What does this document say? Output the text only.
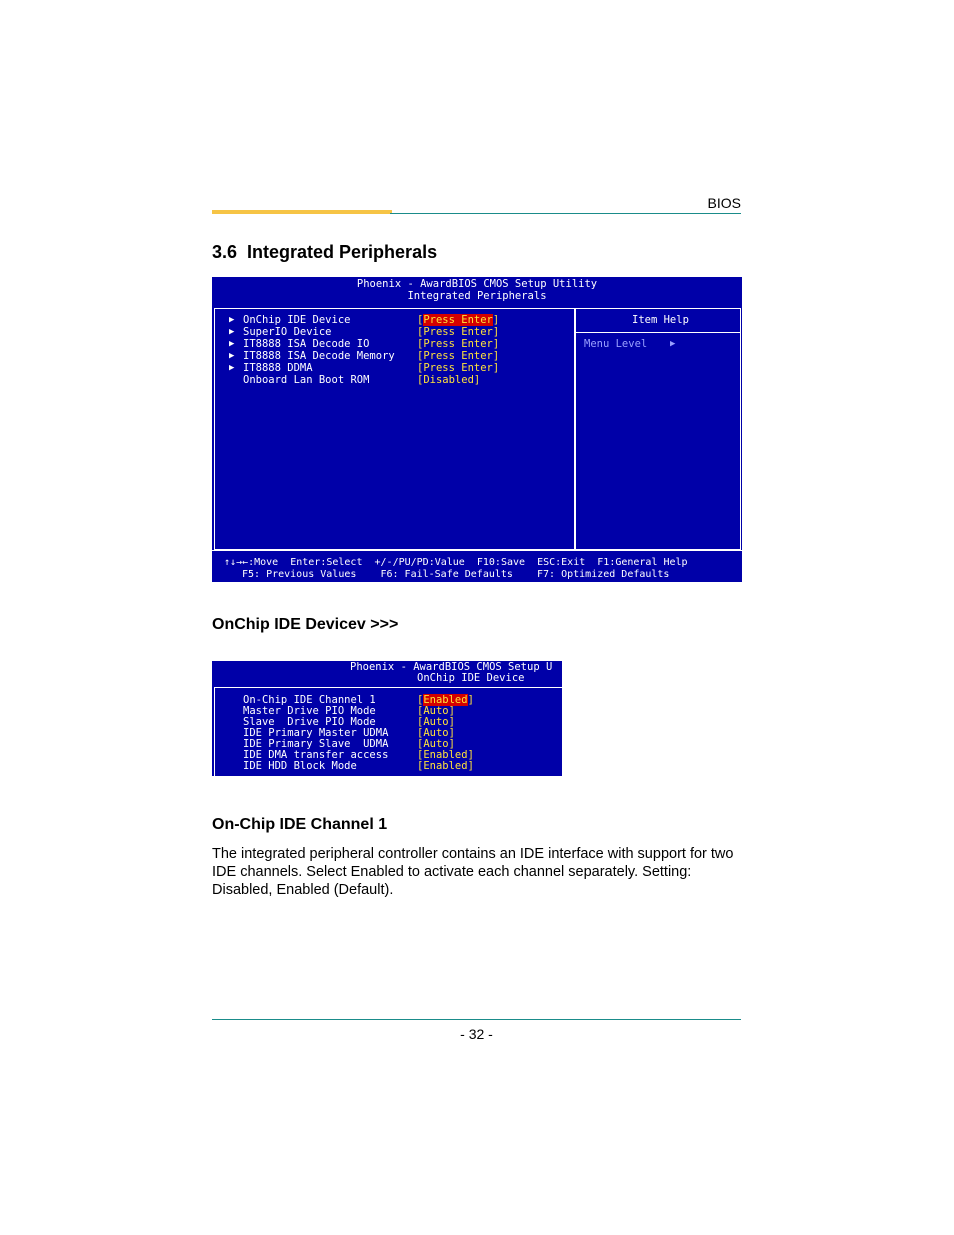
BIOS
3.6  Integrated Peripherals

Phoenix - AwardBIOS CMOS Setup Utility

Integrated Peripherals

▶ OnChip IDE Device	[Press Enter]
▶ SuperIO Device	[Press Enter]
▶ IT8888 ISA Decode IO	[Press Enter]
▶ IT8888 ISA Decode Memory [Press Enter]
▶ IT8888 DDMA	[Press Enter]
Onboard Lan Boot ROM	[Disabled]

Item Help

Menu Level

	▶

↑↓→←:Move  Enter:Select  +/-/PU/PD:Value  F10:Save  ESC:Exit  F1:General Help

F5: Previous Values    F6: Fail-Safe Defaults    F7: Optimized Defaults

OnChip IDE Devicev >>>

Phoenix - AwardBIOS CMOS Setup U

OnChip IDE Device

On-Chip IDE Channel 1	[Enabled]
Master Drive PIO Mode	[Auto]
Slave  Drive PIO Mode	[Auto]
IDE Primary Master UDMA	[Auto]
IDE Primary Slave  UDMA	[Auto]
IDE DMA transfer access	[Enabled]
IDE HDD Block Mode	[Enabled]

On-Chip IDE Channel 1
The integrated peripheral controller contains an IDE interface with support for two IDE channels. Select Enabled to activate each channel separately. Setting: Disabled, Enabled (Default).
- 32 -
